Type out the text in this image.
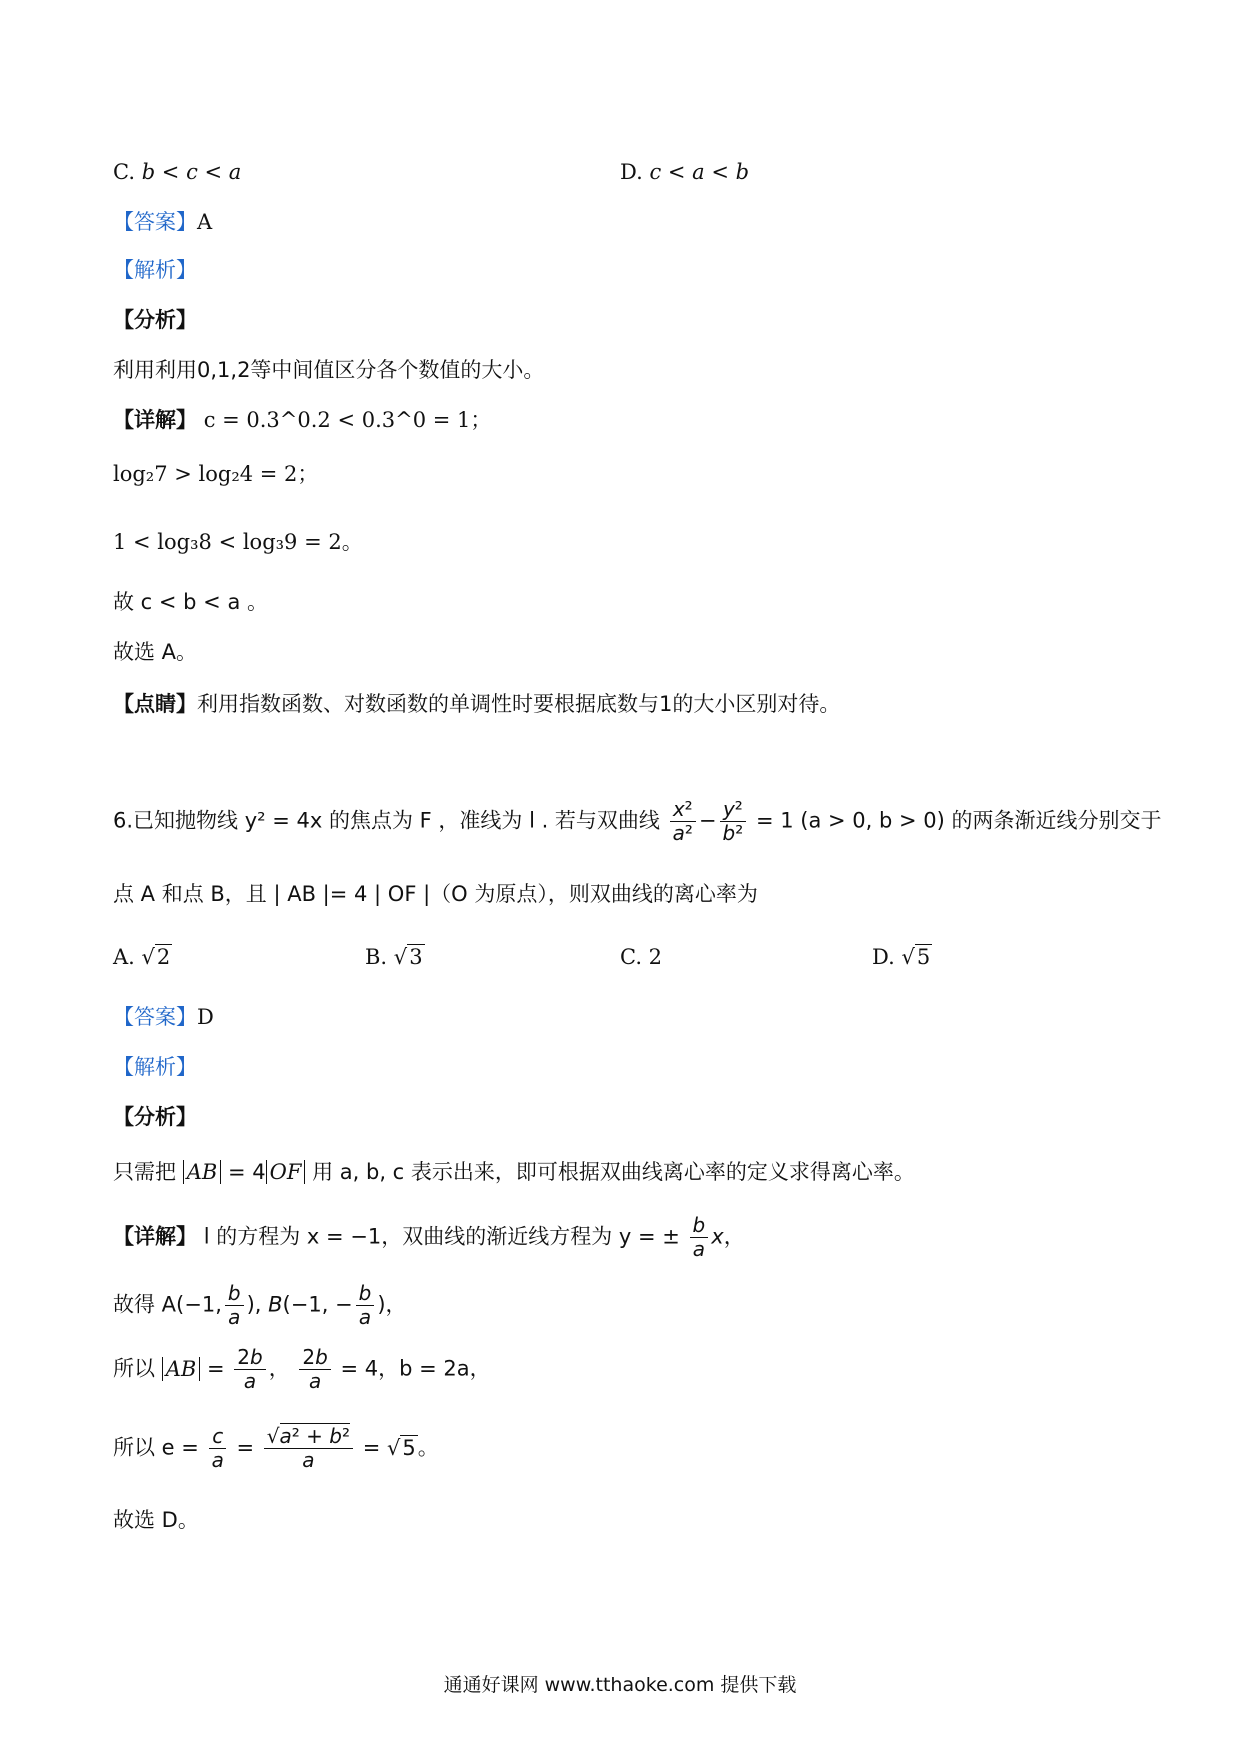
C. b < c < a	D. c < a < b
【答案】A
【解析】
【分析】
利用利用0,1,2等中间值区分各个数值的大小。
【详解】 c = 0.3^0.2 < 0.3^0 = 1；
log₂7 > log₂4 = 2；
1 < log₃8 < log₃9 = 2。
故 c < b < a 。
故选 A。
【点睛】利用指数函数、对数函数的单调性时要根据底数与1的大小区别对待。
6.已知抛物线 y² = 4x 的焦点为 F ，准线为 l . 若与双曲线 $\frac{\text{x²}}{\text{a²}} - \frac{\text{y²}}{\text{b²}} = 1$ (a > 0, b > 0) 的两条渐近线分别交于
点 A 和点 B，且 | AB |= 4 | OF |（O 为原点），则双曲线的离心率为
A. √2	B. √3	C. 2	D. √5
【答案】D
【解析】
【分析】
只需把 AB = 4 OF 用 a, b, c 表示出来，即可根据双曲线离心率的定义求得离心率。
【详解】 l 的方程为 x = −1，双曲线的渐近线方程为 y = ± $\frac{b}{a}$ x，
故得 A(−1, $\frac{b}{a}$ ), B(−1, − $\frac{b}{a}$ )，
所以 AB = $\frac{2b}{a}$ ， $\frac{2b}{a} = 4$，b = 2a，
所以 $e = \frac{c}{a} = \frac{\text{√a² + b²}}{a} = √5$。
故选 D。
通通好课网 www.tthaoke.com 提供下载
